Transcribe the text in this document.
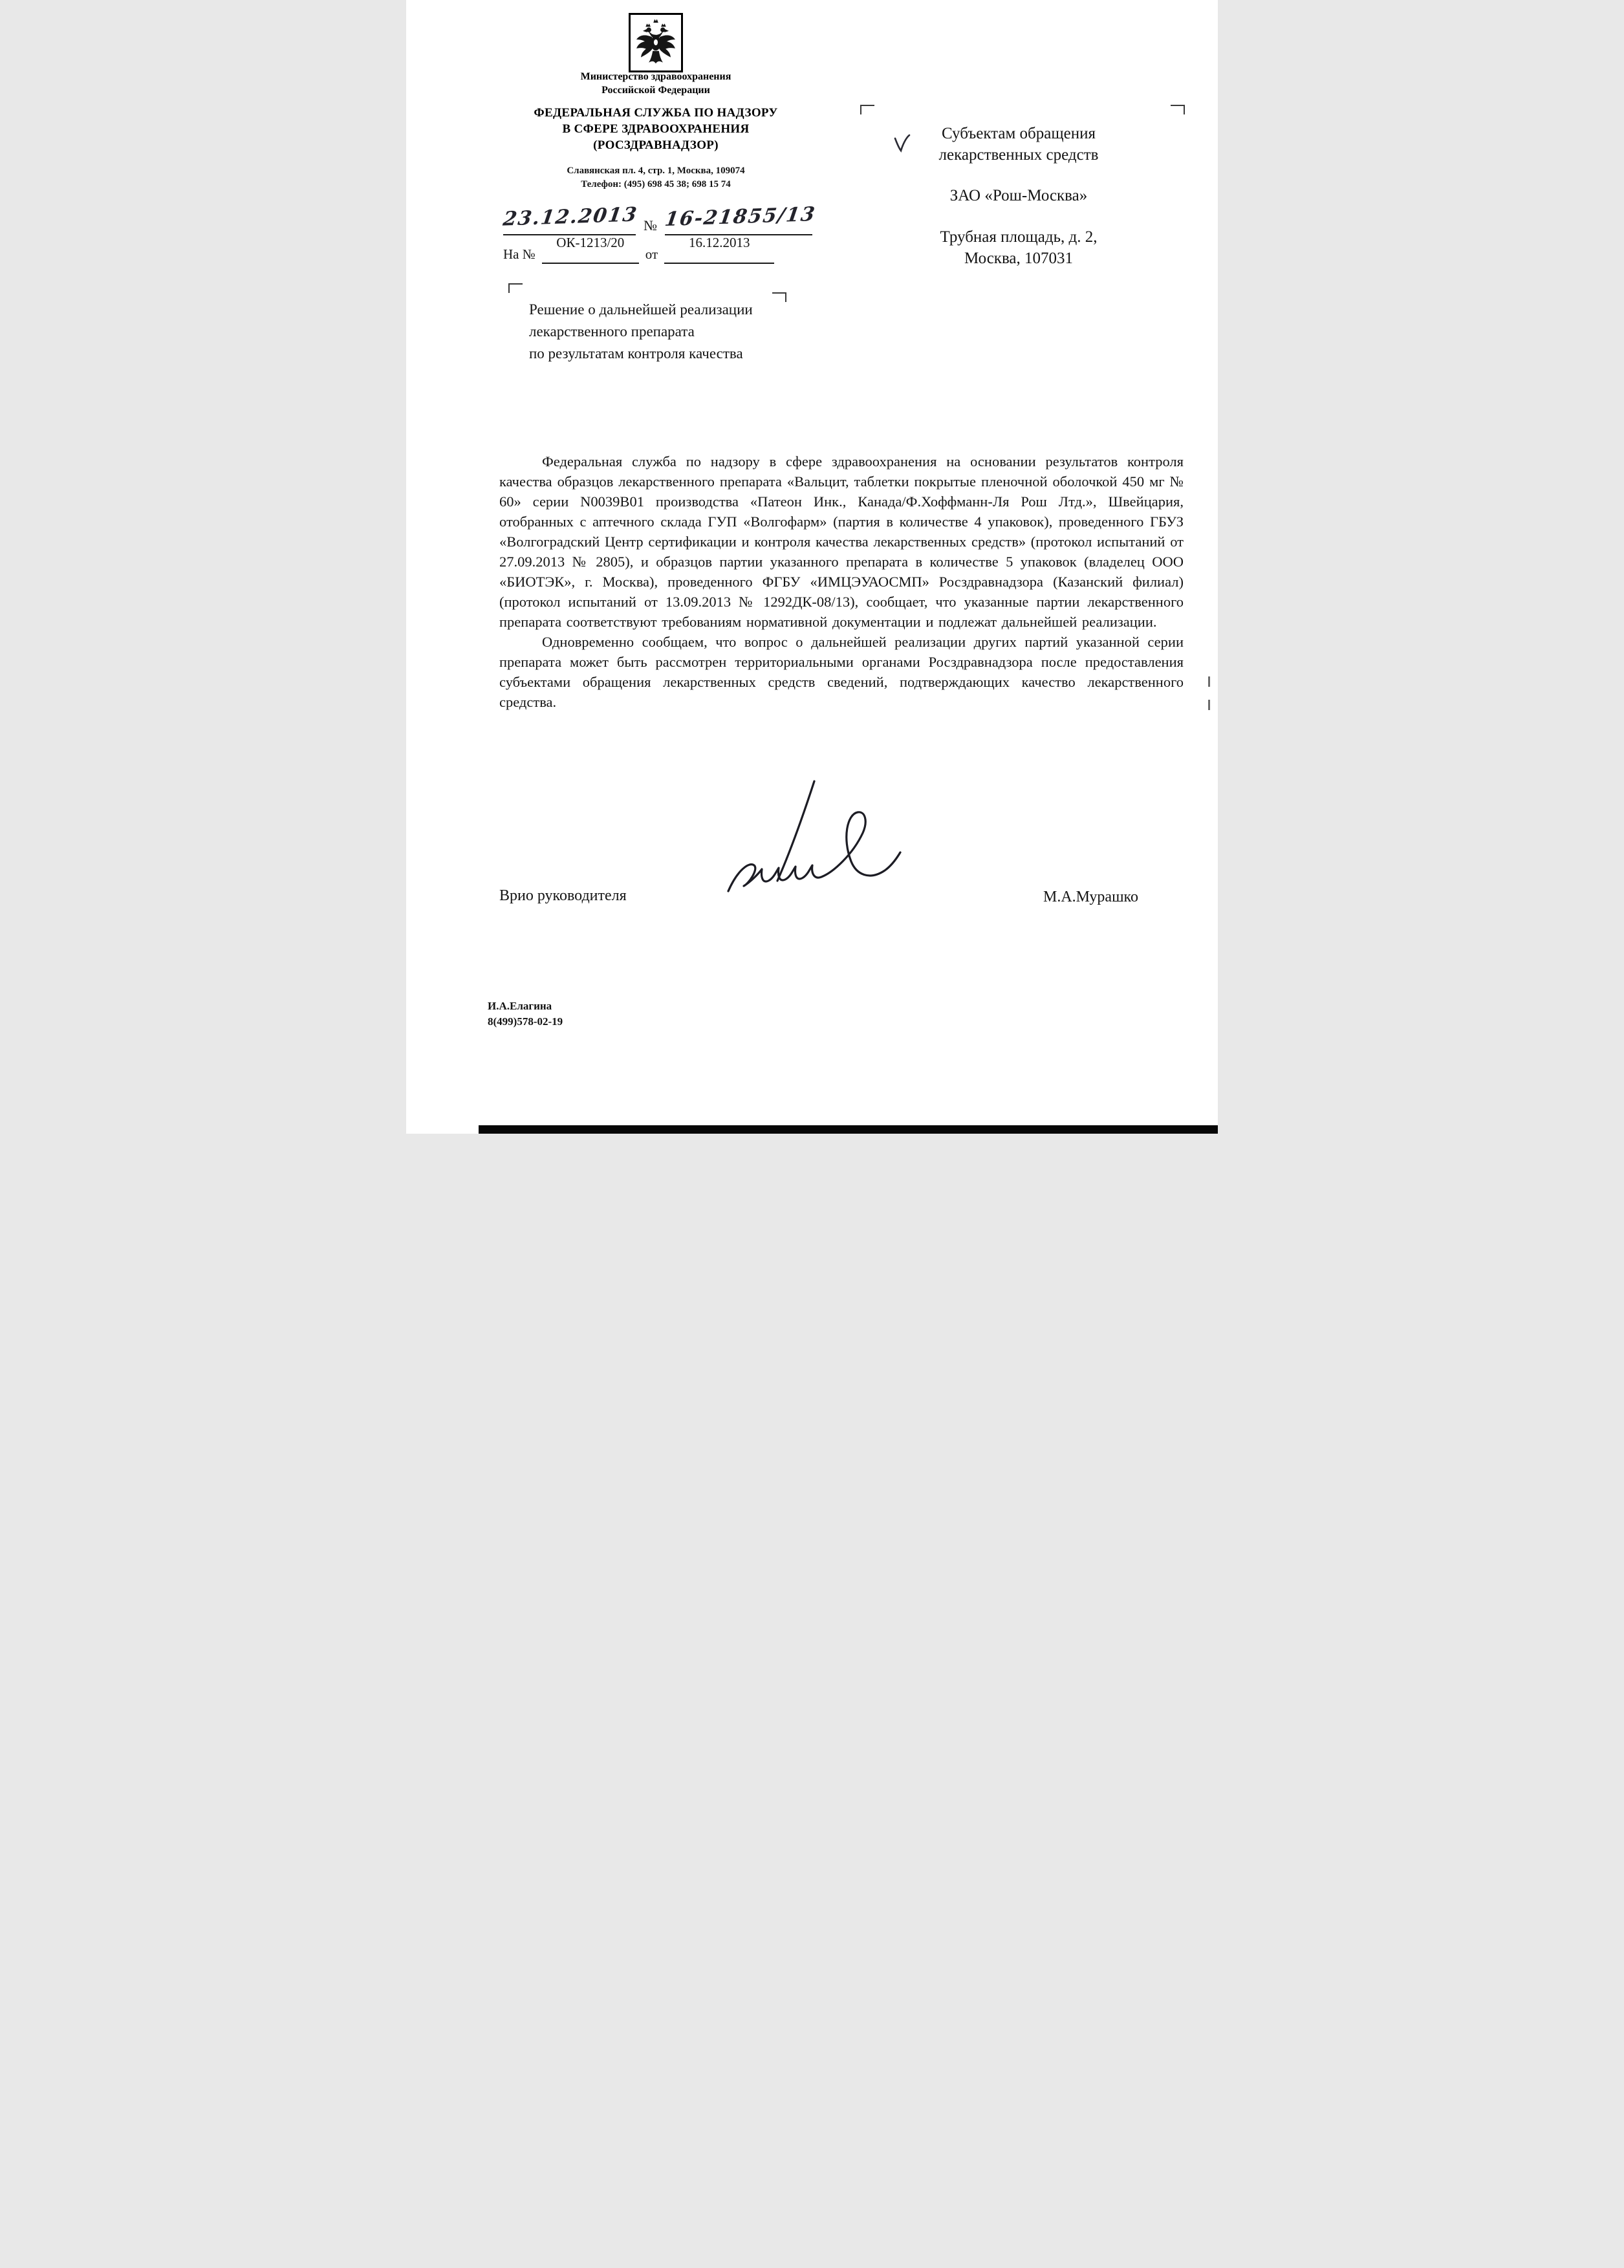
Министерство здравоохранения
Российской Федерации
ФЕДЕРАЛЬНАЯ СЛУЖБА ПО НАДЗОРУ
В СФЕРЕ ЗДРАВООХРАНЕНИЯ
(РОСЗДРАВНАДЗОР)
Славянская пл. 4, стр. 1, Москва, 109074
Телефон: (495) 698 45 38; 698 15 74
23.12.2013 № 16-21855/13
На №
ОК-1213/20
от
16.12.2013
Субъектам обращения
лекарственных средств
ЗАО «Рош-Москва»
Трубная площадь, д. 2,
Москва, 107031
Решение о дальнейшей реализации
лекарственного препарата
по результатам контроля качества

Федеральная служба по надзору в сфере здравоохранения на основании результатов контроля качества образцов лекарственного препарата «Вальцит, таблетки покрытые пленочной оболочкой 450 мг № 60» серии N0039B01 производства «Патеон Инк., Канада/Ф.Хоффманн-Ля Рош Лтд.», Швейцария, отобранных с аптечного склада ГУП «Волгофарм» (партия в количестве 4 упаковок), проведенного ГБУЗ «Волгоградский Центр сертификации и контроля качества лекарственных средств» (протокол испытаний от 27.09.2013 № 2805), и образцов партии указанного препарата в количестве 5 упаковок (владелец ООО «БИОТЭК», г. Москва), проведенного ФГБУ «ИМЦЭУАОСМП» Росздравнадзора (Казанский филиал) (протокол испытаний от 13.09.2013 № 1292ДК-08/13), сообщает, что указанные партии лекарственного препарата соответствуют требованиям нормативной документации и подлежат дальнейшей реализации.

Одновременно сообщаем, что вопрос о дальнейшей реализации других партий указанной серии препарата может быть рассмотрен территориальными органами Росздравнадзора после предоставления субъектами обращения лекарственных средств сведений, подтверждающих качество лекарственного средства.

Врио руководителя	М.А.Мурашко
И.А.Елагина
8(499)578-02-19
